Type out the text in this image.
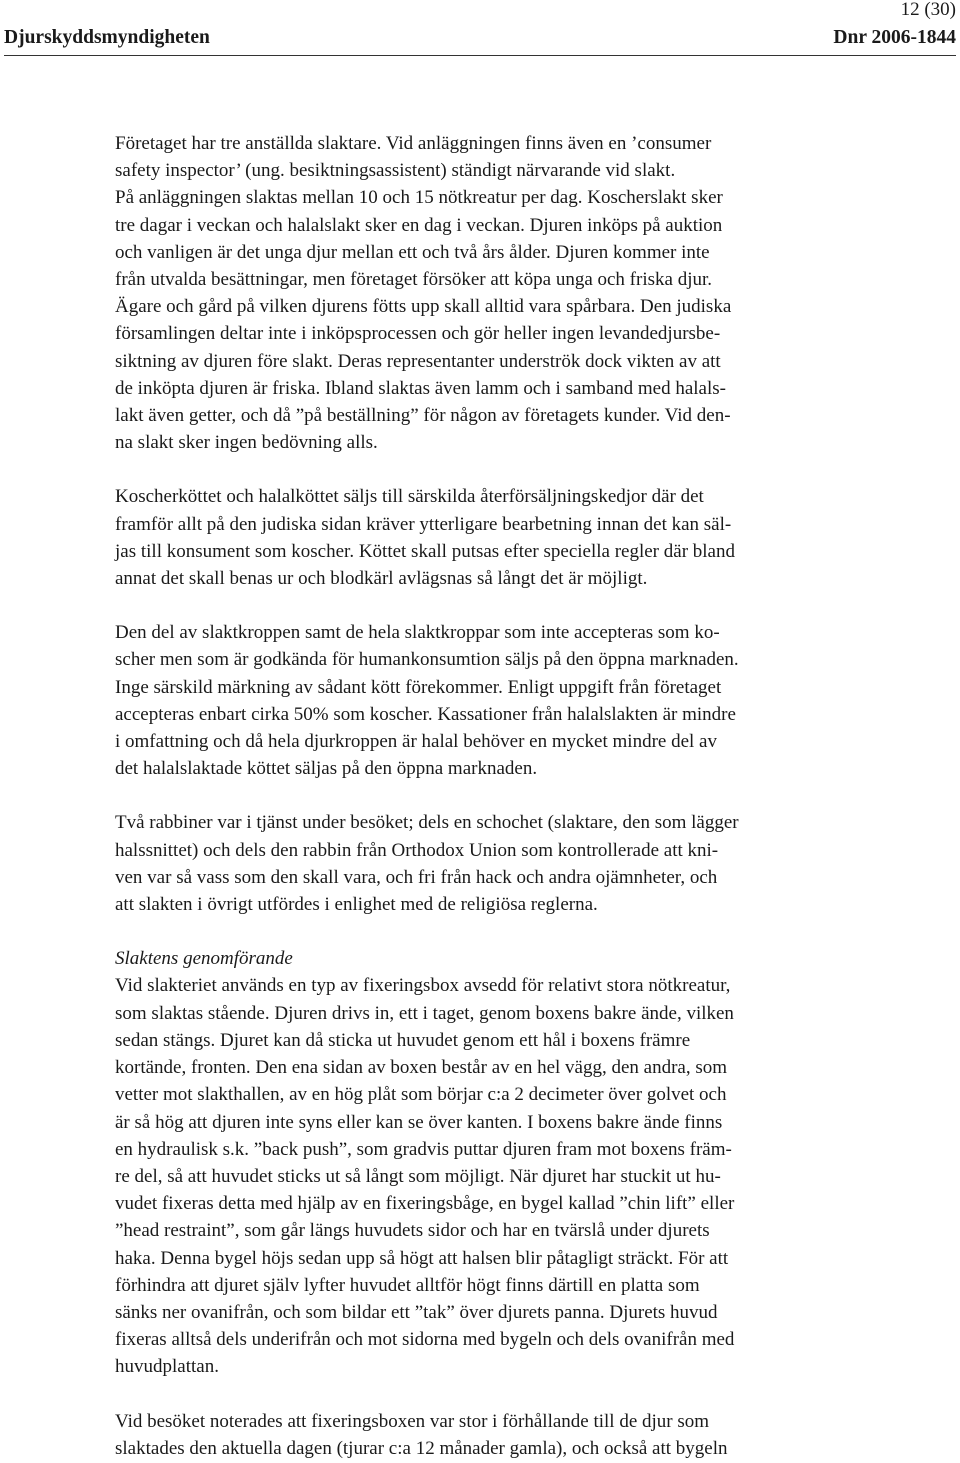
12 (30)
Djurskyddsmyndigheten	Dnr 2006-1844

Företaget har tre anställda slaktare. Vid anläggningen finns även en ’consumer
safety inspector’ (ung. besiktningsassistent) ständigt närvarande vid slakt.
På anläggningen slaktas mellan 10 och 15 nötkreatur per dag. Koscherslakt sker
tre dagar i veckan och halalslakt sker en dag i veckan. Djuren inköps på auktion
och vanligen är det unga djur mellan ett och två års ålder. Djuren kommer inte
från utvalda besättningar, men företaget försöker att köpa unga och friska djur.
Ägare och gård på vilken djurens fötts upp skall alltid vara spårbara. Den judiska
församlingen deltar inte i inköpsprocessen och gör heller ingen levandedjursbe-
siktning av djuren före slakt. Deras representanter underströk dock vikten av att
de inköpta djuren är friska. Ibland slaktas även lamm och i samband med halals-
lakt även getter, och då ”på beställning” för någon av företagets kunder. Vid den-
na slakt sker ingen bedövning alls.

Koscherköttet och halalköttet säljs till särskilda återförsäljningskedjor där det
framför allt på den judiska sidan kräver ytterligare bearbetning innan det kan säl-
jas till konsument som koscher. Köttet skall putsas efter speciella regler där bland
annat det skall benas ur och blodkärl avlägsnas så långt det är möjligt.

Den del av slaktkroppen samt de hela slaktkroppar som inte accepteras som ko-
scher men som är godkända för humankonsumtion säljs på den öppna marknaden.
Inge särskild märkning av sådant kött förekommer. Enligt uppgift från företaget
accepteras enbart cirka 50% som koscher. Kassationer från halalslakten är mindre
i omfattning och då hela djurkroppen är halal behöver en mycket mindre del av
det halalslaktade köttet säljas på den öppna marknaden.

Två rabbiner var i tjänst under besöket; dels en schochet (slaktare, den som lägger
halssnittet) och dels den rabbin från Orthodox Union som kontrollerade att kni-
ven var så vass som den skall vara, och fri från hack och andra ojämnheter, och
att slakten i övrigt utfördes i enlighet med de religiösa reglerna.

Slaktens genomförande

Vid slakteriet används en typ av fixeringsbox avsedd för relativt stora nötkreatur,
som slaktas stående. Djuren drivs in, ett i taget, genom boxens bakre ände, vilken
sedan stängs. Djuret kan då sticka ut huvudet genom ett hål i boxens främre
kortände, fronten. Den ena sidan av boxen består av en hel vägg, den andra, som
vetter mot slakthallen, av en hög plåt som börjar c:a 2 decimeter över golvet och
är så hög att djuren inte syns eller kan se över kanten. I boxens bakre ände finns
en hydraulisk s.k. ”back push”, som gradvis puttar djuren fram mot boxens främ-
re del, så att huvudet sticks ut så långt som möjligt. När djuret har stuckit ut hu-
vudet fixeras detta med hjälp av en fixeringsbåge, en bygel kallad ”chin lift” eller
”head restraint”, som går längs huvudets sidor och har en tvärslå under djurets
haka. Denna bygel höjs sedan upp så högt att halsen blir påtagligt sträckt. För att
förhindra att djuret själv lyfter huvudet alltför högt finns därtill en platta som
sänks ner ovanifrån, och som bildar ett ”tak” över djurets panna. Djurets huvud
fixeras alltså dels underifrån och mot sidorna med bygeln och dels ovanifrån med
huvudplattan.

Vid besöket noterades att fixeringsboxen var stor i förhållande till de djur som
slaktades den aktuella dagen (tjurar c:a 12 månader gamla), och också att bygeln
